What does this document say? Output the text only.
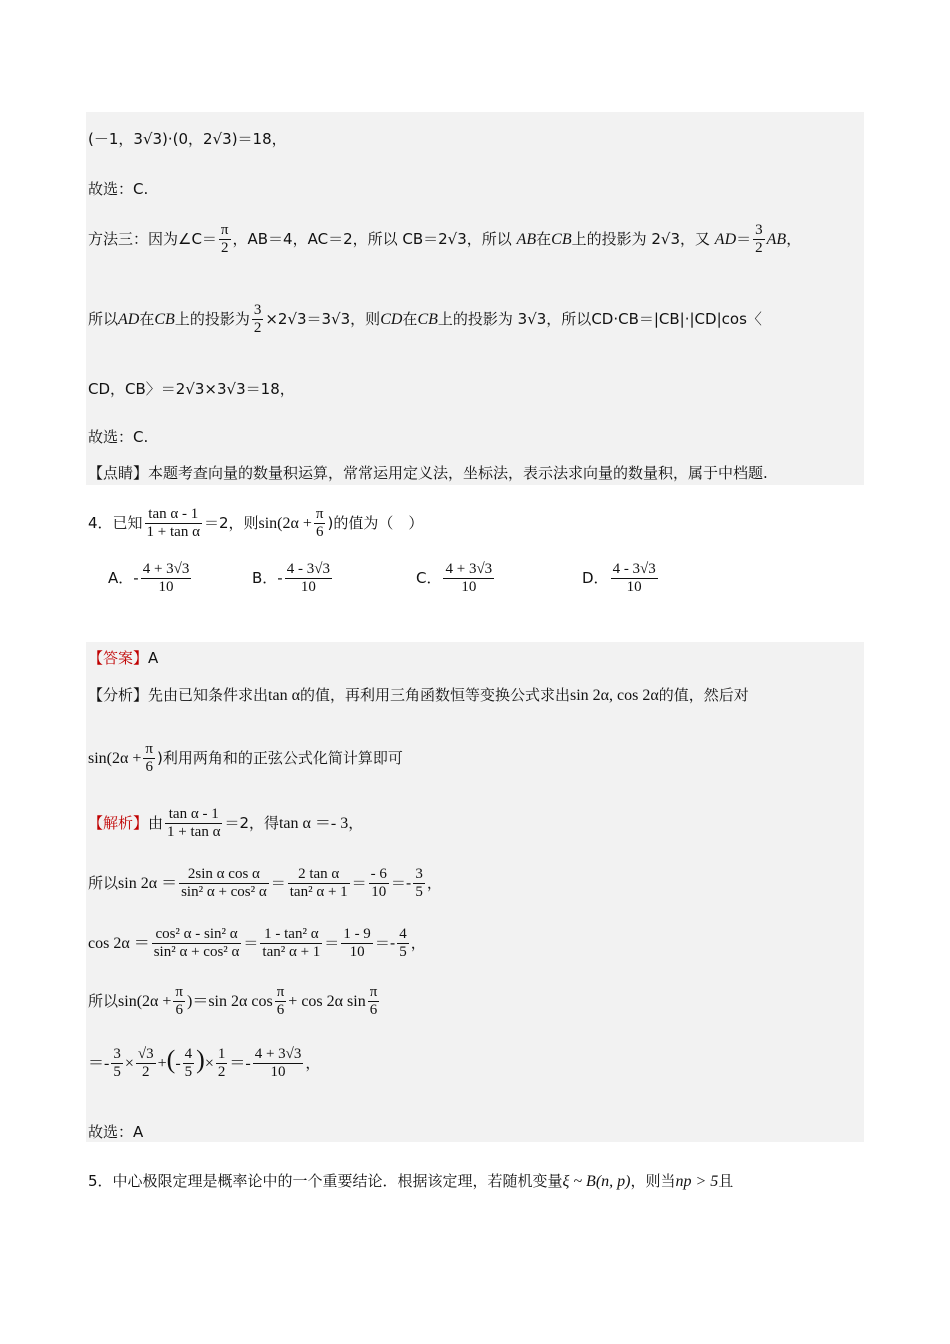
(－1，3√3)·(0，2√3)＝18，
故选：C.
方法三：因为∠C＝ $\frac{\pi}{2}$ ，AB＝4，AC＝2，所以 CB＝2√3，所以 AB在CB上的投影为 2√3，又 $AD= \frac{3}{2}$ AB，
所以AD在CB上的投影为 $\frac{3}{2} \times 2√3=3√3$，则CD在CB上的投影为 3√3，所以CD·CB＝|CB|·|CD|cos〈
CD，CB〉＝2√3×3√3＝18，
故选：C.
【点睛】本题考查向量的数量积运算，常常运用定义法，坐标法，表示法求向量的数量积，属于中档题.
4．已知 $\frac{\text{tan α - 1}}{\text{1 + tan α}} =2$，则$\sin(2\alpha + \frac{\pi}{6}$ )的值为（　）
A．- $\frac{4 + 3√3}{10}$	B．- $\frac{4 - 3√3}{10}$	C． $\frac{4 + 3√3}{10}$	D． $\frac{4 - 3√3}{10}$
【答案】A
【分析】先由已知条件求出tan α的值，再利用三角函数恒等变换公式求出sin 2α, cos 2α的值，然后对
$\sin(2\alpha + \frac{\pi}{6}$ )利用两角和的正弦公式化简计算即可
【解析】由 $\frac{\text{tan α - 1}}{\text{1 + tan α}} =2$，得tan α ＝- 3，
所以$\sin 2\alpha = \frac{\text{2sin α cos α}}{\text{sin² α + cos² α}} = \frac{\text{2 tan α}}{\text{tan² α + 1}} = \frac{- 6}{10} =- \frac{3}{5}$ ，
$\cos 2\alpha = \frac{\text{cos² α - sin² α}}{\text{sin² α + cos² α}} = \frac{\text{1 - tan² α}}{\text{tan² α + 1}} = \frac{1 - 9}{10} =- \frac{4}{5}$ ，
所以$\sin(2\alpha + \frac{\pi}{6} )=\sin$ 2α $\cos \frac{\pi}{6} + \cos 2\alpha$ $\sin \frac{\pi}{6}$
＝- $\frac{3}{5} \times \frac{√3}{2}$ +(- $\frac{4}{5}$ )× $\frac{1}{2} =- \frac{4 + 3√3}{10}$ ，
故选：A
5．中心极限定理是概率论中的一个重要结论．根据该定理，若随机变量ξ ~ B(n, p)，则当np > 5且
